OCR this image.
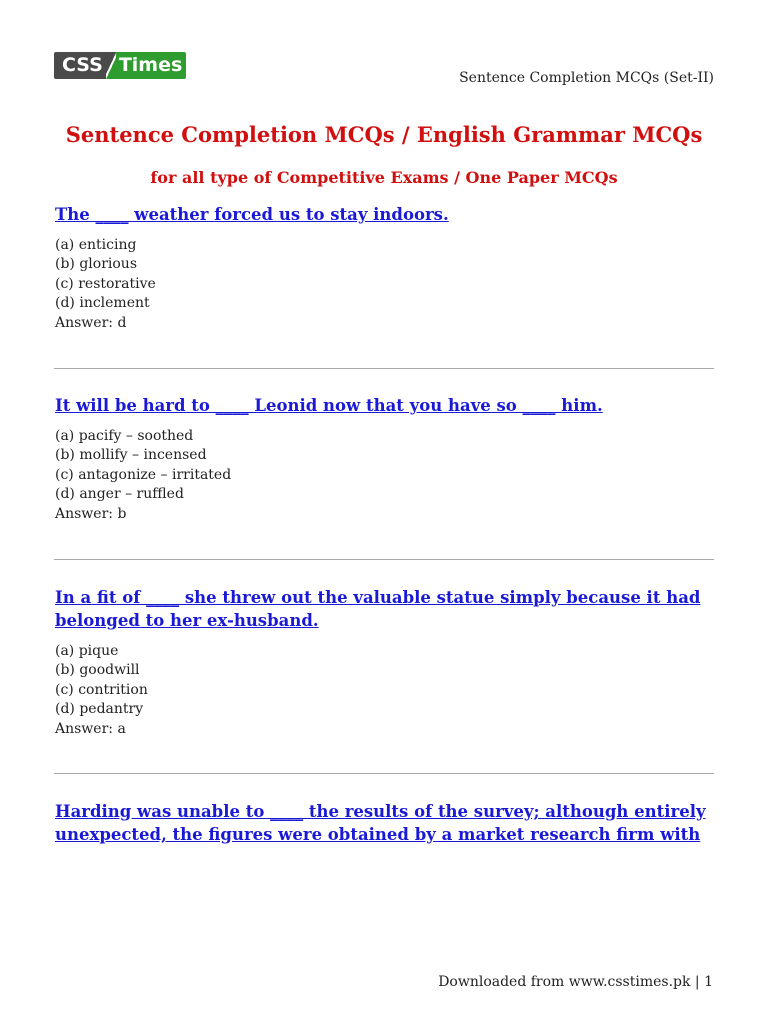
CSS Times
Sentence Completion MCQs (Set-II)
Sentence Completion MCQs / English Grammar MCQs
for all type of Competitive Exams / One Paper MCQs

The ____ weather forced us to stay indoors.

(a) enticing

(b) glorious

(c) restorative

(d) inclement

Answer: d

It will be hard to ____ Leonid now that you have so ____ him.

(a) pacify – soothed

(b) mollify – incensed

(c) antagonize – irritated

(d) anger – ruffled

Answer: b

In a fit of ____ she threw out the valuable statue simply because it had belonged to her ex-husband.

(a) pique

(b) goodwill

(c) contrition

(d) pedantry

Answer: a

Harding was unable to ____ the results of the survey; although entirely unexpected, the figures were obtained by a market research firm with

Downloaded from www.csstimes.pk | 1
